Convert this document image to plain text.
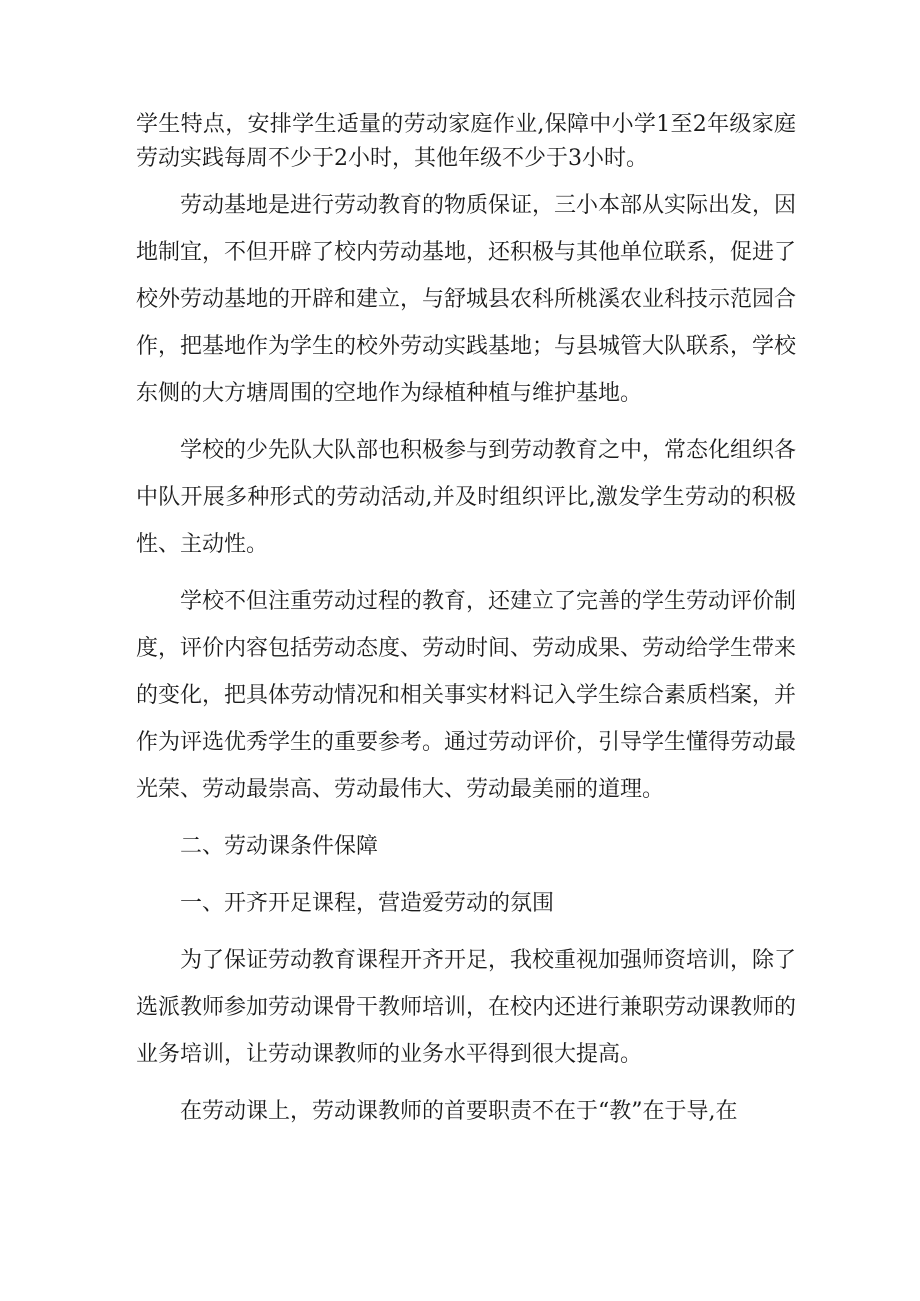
学生特点，安排学生适量的劳动家庭作业,保障中小学1至2年级家庭劳动实践每周不少于2小时，其他年级不少于3小时。

劳动基地是进行劳动教育的物质保证，三小本部从实际出发，因地制宜，不但开辟了校内劳动基地，还积极与其他单位联系，促进了校外劳动基地的开辟和建立，与舒城县农科所桃溪农业科技示范园合作，把基地作为学生的校外劳动实践基地；与县城管大队联系，学校东侧的大方塘周围的空地作为绿植种植与维护基地。

学校的少先队大队部也积极参与到劳动教育之中，常态化组织各中队开展多种形式的劳动活动,并及时组织评比,激发学生劳动的积极性、主动性。

学校不但注重劳动过程的教育，还建立了完善的学生劳动评价制度，评价内容包括劳动态度、劳动时间、劳动成果、劳动给学生带来的变化，把具体劳动情况和相关事实材料记入学生综合素质档案，并作为评选优秀学生的重要参考。通过劳动评价，引导学生懂得劳动最光荣、劳动最崇高、劳动最伟大、劳动最美丽的道理。

二、劳动课条件保障

一、开齐开足课程，营造爱劳动的氛围

为了保证劳动教育课程开齐开足，我校重视加强师资培训，除了选派教师参加劳动课骨干教师培训，在校内还进行兼职劳动课教师的业务培训，让劳动课教师的业务水平得到很大提高。

在劳动课上，劳动课教师的首要职责不在于“教”在于导,在
